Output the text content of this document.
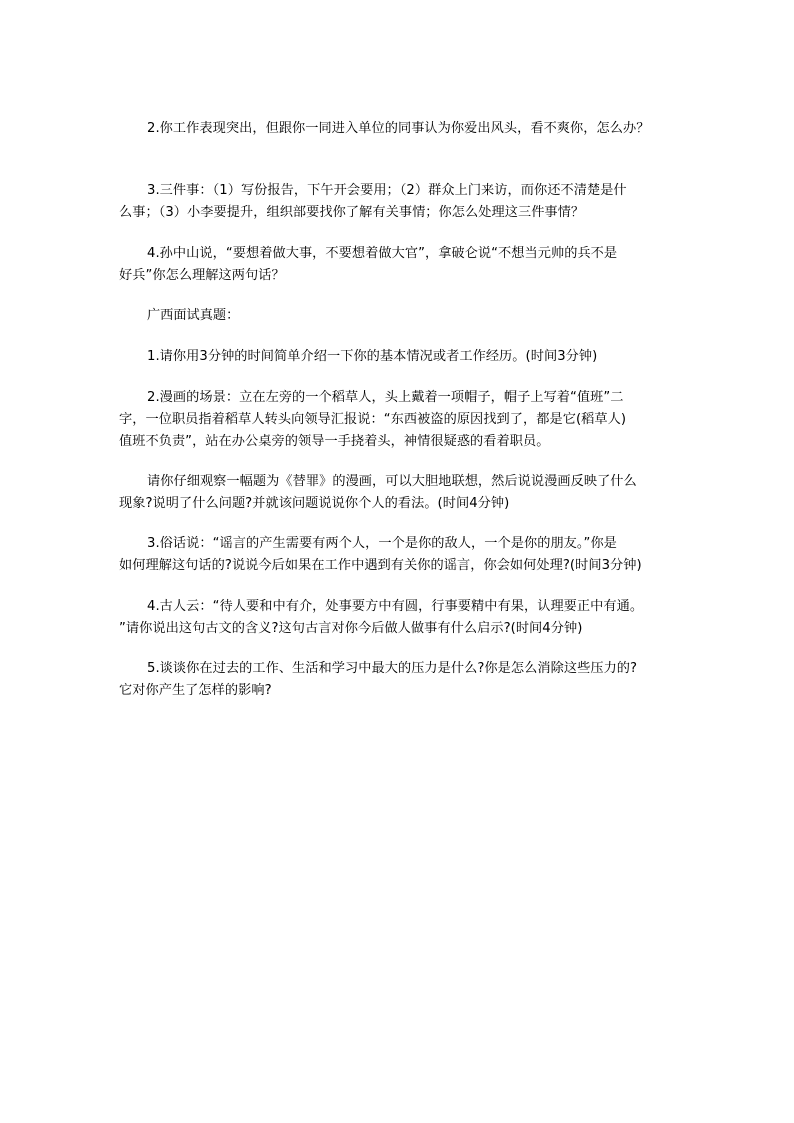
2.你工作表现突出，但跟你一同进入单位的同事认为你爱出风头，看不爽你，怎么办？

3.三件事：（1）写份报告，下午开会要用；（2）群众上门来访，而你还不清楚是什
么事；（3）小李要提升，组织部要找你了解有关事情；你怎么处理这三件事情？

4.孙中山说，“要想着做大事，不要想着做大官”，拿破仑说“不想当元帅的兵不是
好兵”你怎么理解这两句话？

广西面试真题：

1.请你用3分钟的时间简单介绍一下你的基本情况或者工作经历。(时间3分钟)

2.漫画的场景：立在左旁的一个稻草人，头上戴着一项帽子，帽子上写着“值班”二
字，一位职员指着稻草人转头向领导汇报说：“东西被盗的原因找到了，都是它(稻草人)
值班不负责”，站在办公桌旁的领导一手挠着头，神情很疑惑的看着职员。

请你仔细观察一幅题为《替罪》的漫画，可以大胆地联想，然后说说漫画反映了什么
现象?说明了什么问题?并就该问题说说你个人的看法。(时间4分钟)

3.俗话说：“谣言的产生需要有两个人，一个是你的敌人，一个是你的朋友。”你是
如何理解这句话的?说说今后如果在工作中遇到有关你的谣言，你会如何处理?(时间3分钟)

4.古人云：“待人要和中有介，处事要方中有圆，行事要精中有果，认理要正中有通。
”请你说出这句古文的含义?这句古言对你今后做人做事有什么启示?(时间4分钟)

5.谈谈你在过去的工作、生活和学习中最大的压力是什么?你是怎么消除这些压力的?
它对你产生了怎样的影响?
